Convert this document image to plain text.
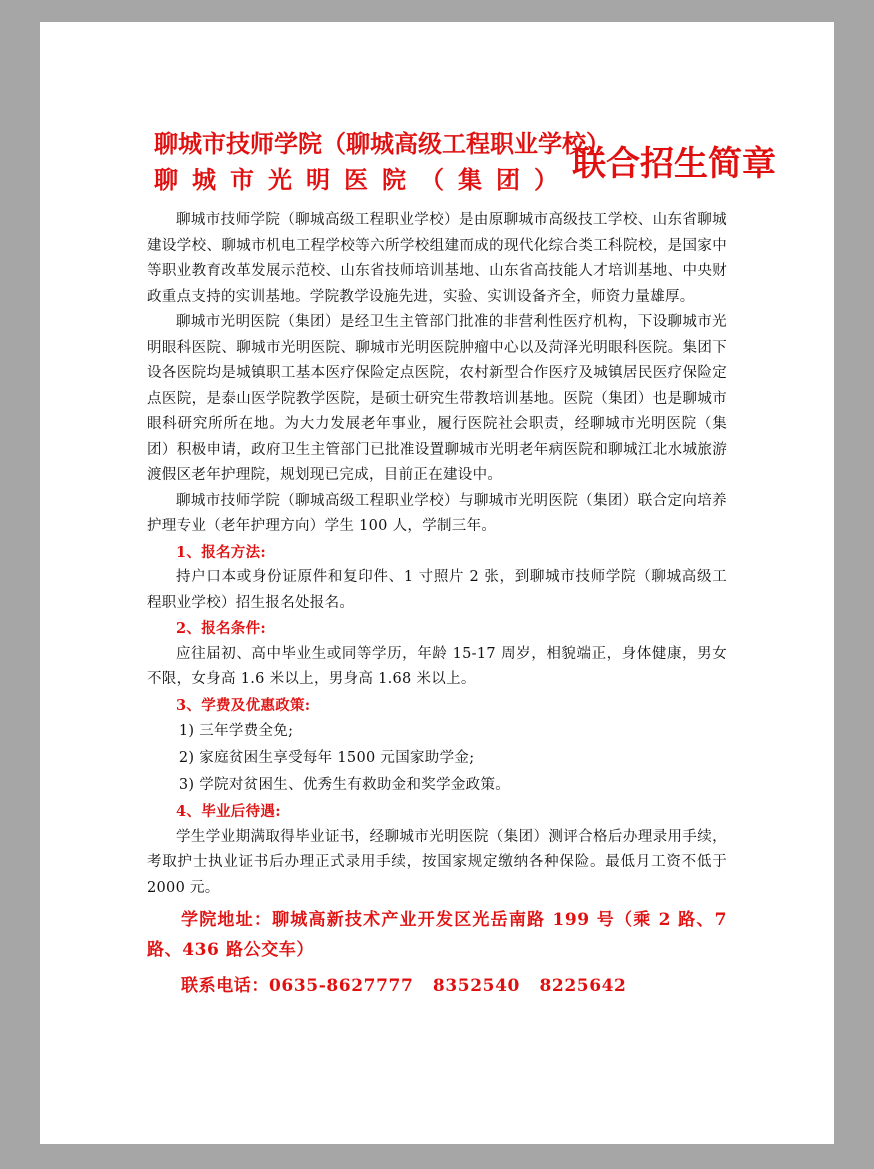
聊城市技师学院（聊城高级工程职业学校）
聊城市光明医院（集团） 联合招生简章

聊城市技师学院（聊城高级工程职业学校）是由原聊城市高级技工学校、山东省聊城建设学校、聊城市机电工程学校等六所学校组建而成的现代化综合类工科院校，是国家中等职业教育改革发展示范校、山东省技师培训基地、山东省高技能人才培训基地、中央财政重点支持的实训基地。学院教学设施先进，实验、实训设备齐全，师资力量雄厚。

聊城市光明医院（集团）是经卫生主管部门批准的非营利性医疗机构，下设聊城市光明眼科医院、聊城市光明医院、聊城市光明医院肿瘤中心以及菏泽光明眼科医院。集团下设各医院均是城镇职工基本医疗保险定点医院，农村新型合作医疗及城镇居民医疗保险定点医院，是泰山医学院教学医院，是硕士研究生带教培训基地。医院（集团）也是聊城市眼科研究所所在地。为大力发展老年事业，履行医院社会职责，经聊城市光明医院（集团）积极申请，政府卫生主管部门已批准设置聊城市光明老年病医院和聊城江北水城旅游渡假区老年护理院，规划现已完成，目前正在建设中。

聊城市技师学院（聊城高级工程职业学校）与聊城市光明医院（集团）联合定向培养护理专业（老年护理方向）学生 100 人，学制三年。

1、报名方法:

持户口本或身份证原件和复印件、1 寸照片 2 张，到聊城市技师学院（聊城高级工程职业学校）招生报名处报名。

2、报名条件:

应往届初、高中毕业生或同等学历，年龄 15-17 周岁，相貌端正，身体健康，男女不限，女身高 1.6 米以上，男身高 1.68 米以上。

3、学费及优惠政策:

1) 三年学费全免;

2) 家庭贫困生享受每年 1500 元国家助学金;

3) 学院对贫困生、优秀生有救助金和奖学金政策。

4、毕业后待遇:

学生学业期满取得毕业证书，经聊城市光明医院（集团）测评合格后办理录用手续，考取护士执业证书后办理正式录用手续，按国家规定缴纳各种保险。最低月工资不低于 2000 元。

学院地址：聊城高新技术产业开发区光岳南路 199 号（乘 2 路、7 路、436 路公交车）

联系电话：0635-8627777   8352540   8225642
